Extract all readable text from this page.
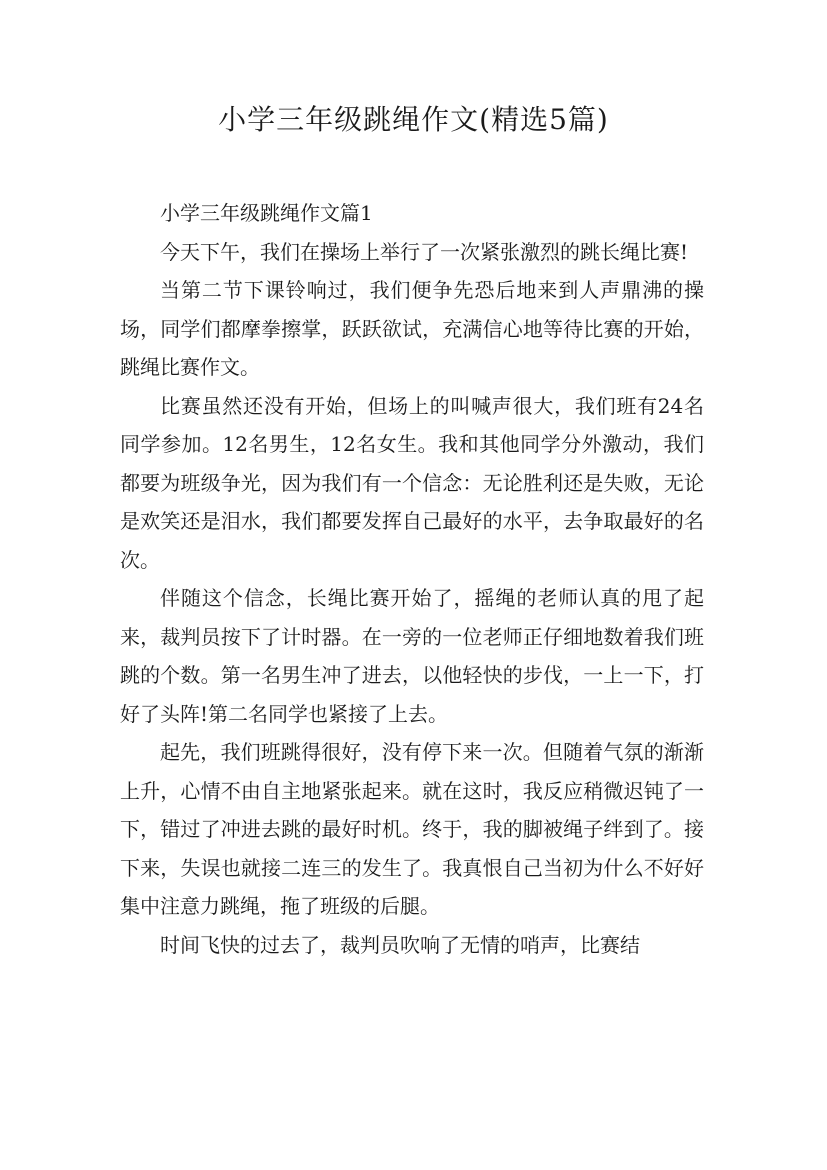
小学三年级跳绳作文(精选5篇)

小学三年级跳绳作文篇1

今天下午，我们在操场上举行了一次紧张激烈的跳长绳比赛!

当第二节下课铃响过，我们便争先恐后地来到人声鼎沸的操场，同学们都摩拳擦掌，跃跃欲试，充满信心地等待比赛的开始，跳绳比赛作文。

比赛虽然还没有开始，但场上的叫喊声很大，我们班有24名同学参加。12名男生，12名女生。我和其他同学分外激动，我们都要为班级争光，因为我们有一个信念：无论胜利还是失败，无论是欢笑还是泪水，我们都要发挥自己最好的水平，去争取最好的名次。

伴随这个信念，长绳比赛开始了，摇绳的老师认真的甩了起来，裁判员按下了计时器。在一旁的一位老师正仔细地数着我们班跳的个数。第一名男生冲了进去，以他轻快的步伐，一上一下，打好了头阵!第二名同学也紧接了上去。

起先，我们班跳得很好，没有停下来一次。但随着气氛的渐渐上升，心情不由自主地紧张起来。就在这时，我反应稍微迟钝了一下，错过了冲进去跳的最好时机。终于，我的脚被绳子绊到了。接下来，失误也就接二连三的发生了。我真恨自己当初为什么不好好集中注意力跳绳，拖了班级的后腿。

时间飞快的过去了，裁判员吹响了无情的哨声，比赛结
